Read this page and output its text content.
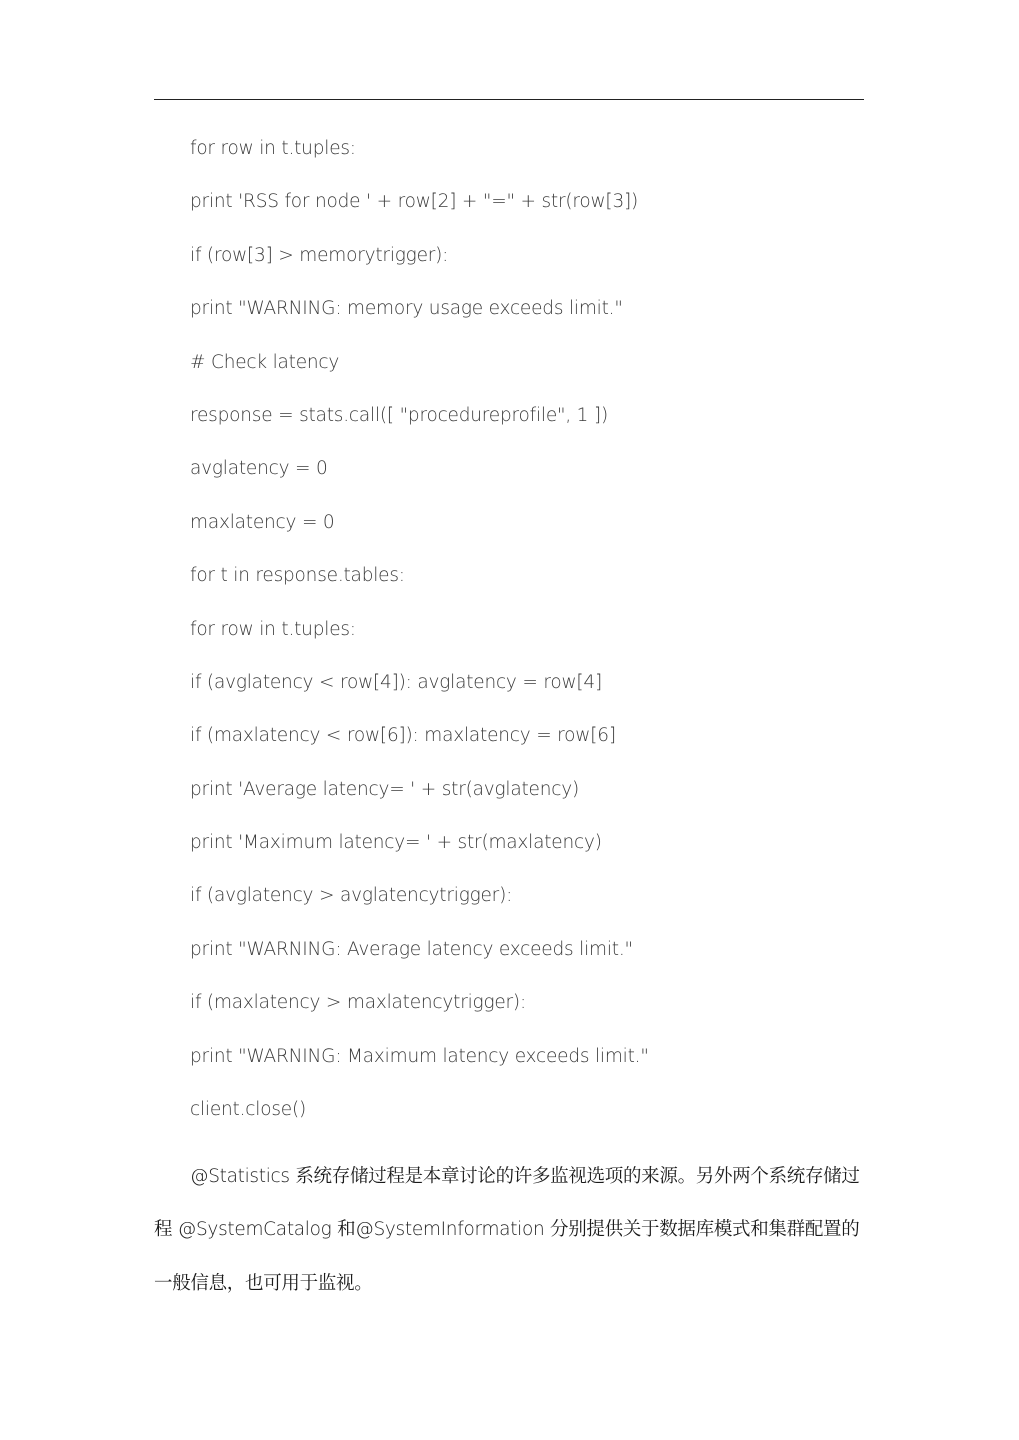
for row in t.tuples:
print 'RSS for node ' + row[2] + "=" + str(row[3])
if (row[3] > memorytrigger):
print "WARNING: memory usage exceeds limit."
# Check latency
response = stats.call([ "procedureprofile", 1 ])
avglatency = 0
maxlatency = 0
for t in response.tables:
for row in t.tuples:
if (avglatency < row[4]): avglatency = row[4]
if (maxlatency < row[6]): maxlatency = row[6]
print 'Average latency= ' + str(avglatency)
print 'Maximum latency= ' + str(maxlatency)
if (avglatency > avglatencytrigger):
print "WARNING: Average latency exceeds limit."
if (maxlatency > maxlatencytrigger):
print "WARNING: Maximum latency exceeds limit."
client.close()

@Statistics 系统存储过程是本章讨论的许多监视选项的来源。另外两个系统存储过程 @SystemCatalog 和@SystemInformation 分别提供关于数据库模式和集群配置的一般信息，也可用于监视。
